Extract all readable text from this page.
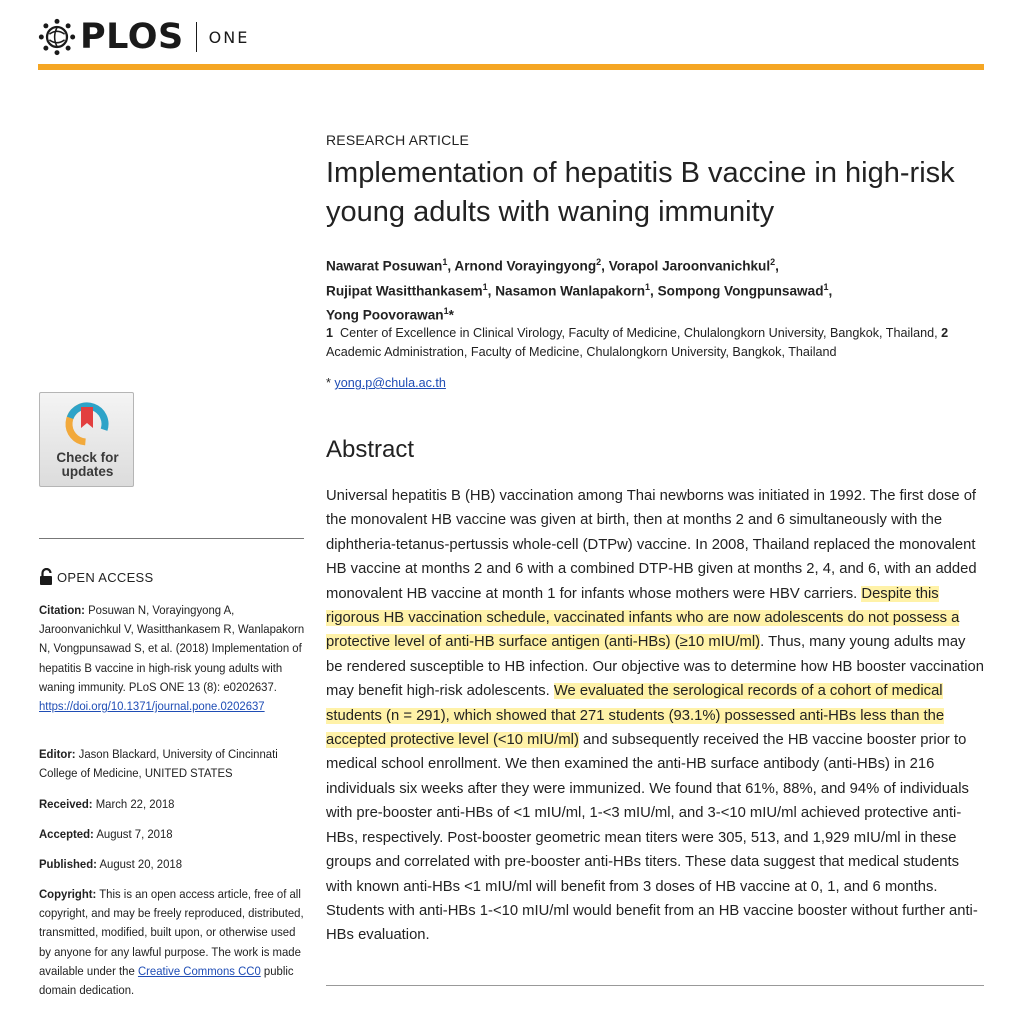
PLOS ONE
Check for
updates
OPEN ACCESS
Citation: Posuwan N, Vorayingyong A, Jaroonvanichkul V, Wasitthankasem R, Wanlapakorn N, Vongpunsawad S, et al. (2018) Implementation of hepatitis B vaccine in high-risk young adults with waning immunity. PLoS ONE 13 (8): e0202637. https://doi.org/10.1371/journal.pone.0202637
Editor: Jason Blackard, University of Cincinnati College of Medicine, UNITED STATES
Received: March 22, 2018
Accepted: August 7, 2018
Published: August 20, 2018
Copyright: This is an open access article, free of all copyright, and may be freely reproduced, distributed, transmitted, modified, built upon, or otherwise used by anyone for any lawful purpose. The work is made available under the Creative Commons CC0 public domain dedication.
RESEARCH ARTICLE
Implementation of hepatitis B vaccine in high-risk young adults with waning immunity
Nawarat Posuwan$^1$, Arnond Vorayingyong$^2$, Vorapol Jaroonvanichkul$^2$,
Rujipat Wasitthankasem$^1$, Nasamon Wanlapakorn$^1$, Sompong Vongpunsawad$^1$,
Yong Poovorawan$^1$*
1 Center of Excellence in Clinical Virology, Faculty of Medicine, Chulalongkorn University, Bangkok, Thailand, 2  Academic Administration, Faculty of Medicine, Chulalongkorn University, Bangkok, Thailand
* yong.p@chula.ac.th
Abstract
Universal hepatitis B (HB) vaccination among Thai newborns was initiated in 1992. The first dose of the monovalent HB vaccine was given at birth, then at months 2 and 6 simultaneously with the diphtheria-tetanus-pertussis whole-cell (DTPw) vaccine. In 2008, Thailand replaced the monovalent HB vaccine at months 2 and 6 with a combined DTP-HB given at months 2, 4, and 6, with an added monovalent HB vaccine at month 1 for infants whose mothers were HBV carriers. Despite this rigorous HB vaccination schedule, vaccinated infants who are now adolescents do not possess a protective level of anti-HB surface antigen (anti-HBs) (≥10 mIU/ml). Thus, many young adults may be rendered susceptible to HB infection. Our objective was to determine how HB booster vaccination may benefit high-risk adolescents. We evaluated the serological records of a cohort of medical students (n = 291), which showed that 271 students (93.1%) possessed anti-HBs less than the accepted protective level (<10 mIU/ml) and subsequently received the HB vaccine booster prior to medical school enrollment. We then examined the anti-HB surface antibody (anti-HBs) in 216 individuals six weeks after they were immunized. We found that 61%, 88%, and 94% of individuals with pre-booster anti-HBs of <1 mIU/ml, 1-<3 mIU/ml, and 3-<10 mIU/ml achieved protective anti-HBs, respectively. Post-booster geometric mean titers were 305, 513, and 1,929 mIU/ml in these groups and correlated with pre-booster anti-HBs titers. These data suggest that medical students with known anti-HBs <1 mIU/ml will benefit from 3 doses of HB vaccine at 0, 1, and 6 months. Students with anti-HBs 1-<10 mIU/ml would benefit from an HB vaccine booster without further anti-HBs evaluation.
